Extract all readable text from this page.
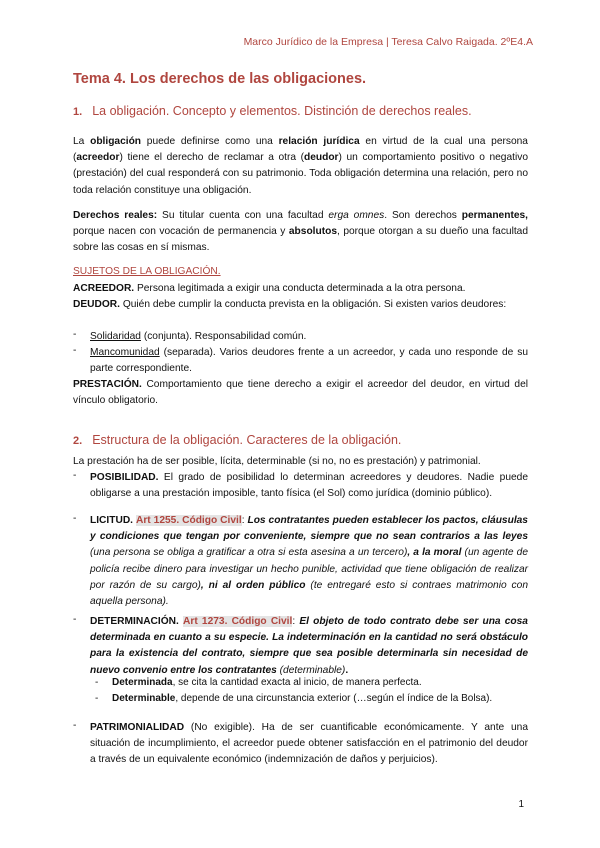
Marco Jurídico de la Empresa | Teresa Calvo Raigada. 2ºE4.A
Tema 4. Los derechos de las obligaciones.
1. La obligación. Concepto y elementos. Distinción de derechos reales.
La obligación puede definirse como una relación jurídica en virtud de la cual una persona (acreedor) tiene el derecho de reclamar a otra (deudor) un comportamiento positivo o negativo (prestación) del cual responderá con su patrimonio. Toda obligación determina una relación, pero no toda relación constituye una obligación.
Derechos reales: Su titular cuenta con una facultad erga omnes. Son derechos permanentes, porque nacen con vocación de permanencia y absolutos, porque otorgan a su dueño una facultad sobre las cosas en sí mismas.
SUJETOS DE LA OBLIGACIÓN.
ACREEDOR. Persona legitimada a exigir una conducta determinada a la otra persona.
DEUDOR. Quién debe cumplir la conducta prevista en la obligación. Si existen varios deudores:
- Solidaridad (conjunta). Responsabilidad común.
- Mancomunidad (separada). Varios deudores frente a un acreedor, y cada uno responde de su parte correspondiente.
PRESTACIÓN. Comportamiento que tiene derecho a exigir el acreedor del deudor, en virtud del vínculo obligatorio.
2. Estructura de la obligación. Caracteres de la obligación.
La prestación ha de ser posible, lícita, determinable (si no, no es prestación) y patrimonial.
- POSIBILIDAD. El grado de posibilidad lo determinan acreedores y deudores. Nadie puede obligarse a una prestación imposible, tanto física (el Sol) como jurídica (dominio público).
- LICITUD. Art 1255. Código Civil: Los contratantes pueden establecer los pactos, cláusulas y condiciones que tengan por conveniente, siempre que no sean contrarios a las leyes (una persona se obliga a gratificar a otra si esta asesina a un tercero), a la moral (un agente de policía recibe dinero para investigar un hecho punible, actividad que tiene obligación de realizar por razón de su cargo), ni al orden público (te entregaré esto si contraes matrimonio con aquella persona).
- DETERMINACIÓN. Art 1273. Código Civil: El objeto de todo contrato debe ser una cosa determinada en cuanto a su especie. La indeterminación en la cantidad no será obstáculo para la existencia del contrato, siempre que sea posible determinarla sin necesidad de nuevo convenio entre los contratantes (determinable).
- Determinada, se cita la cantidad exacta al inicio, de manera perfecta.
- Determinable, depende de una circunstancia exterior (…según el índice de la Bolsa).
- PATRIMONIALIDAD (No exigible). Ha de ser cuantificable económicamente. Y ante una situación de incumplimiento, el acreedor puede obtener satisfacción en el patrimonio del deudor a través de un equivalente económico (indemnización de daños y perjuicios).
1
